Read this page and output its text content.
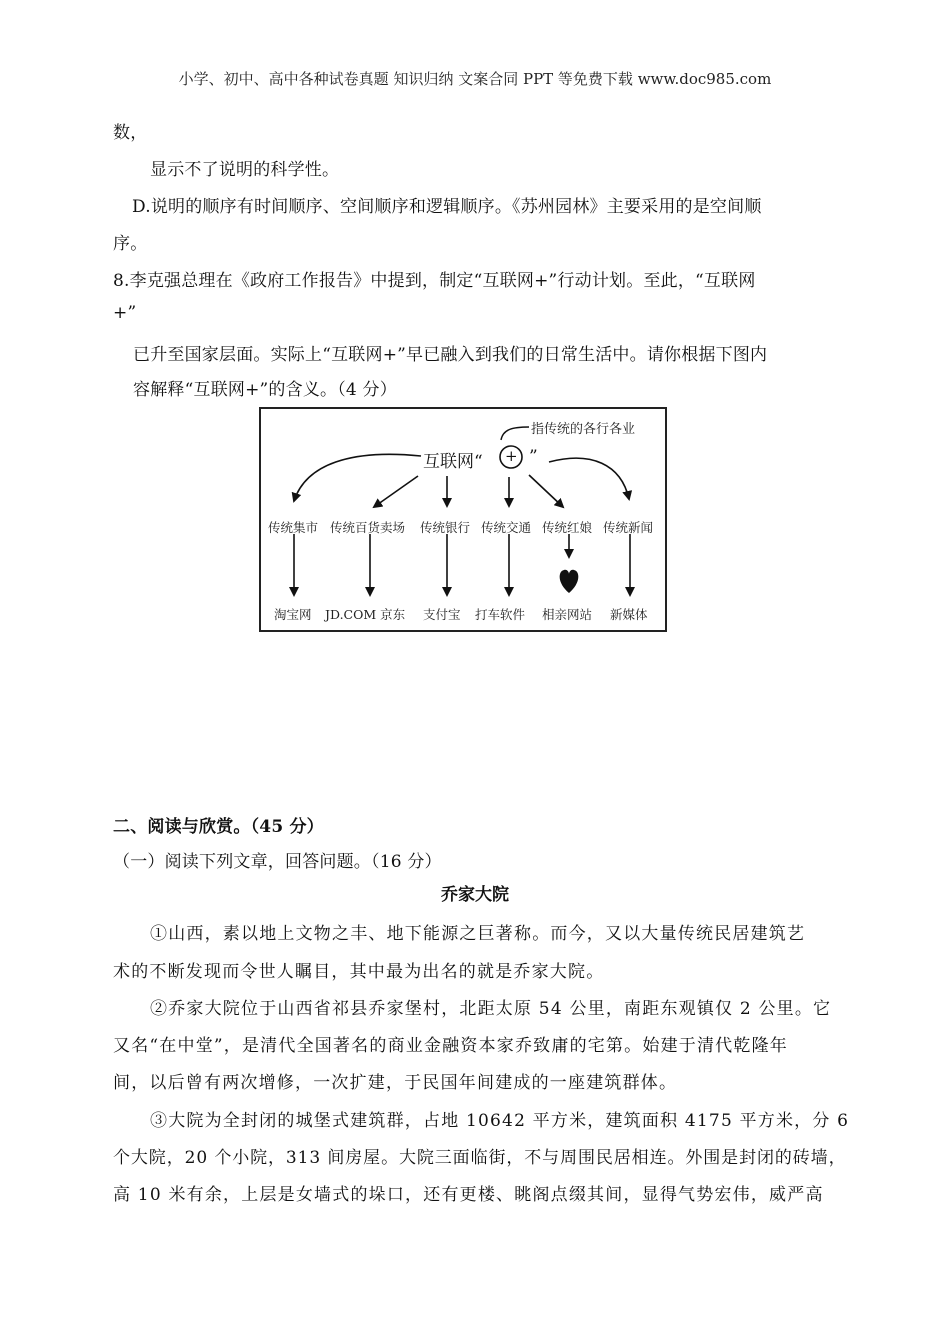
小学、初中、高中各种试卷真题 知识归纳 文案合同 PPT 等免费下载 www.doc985.com
数，
显示不了说明的科学性。
D.说明的顺序有时间顺序、空间顺序和逻辑顺序。《苏州园林》主要采用的是空间顺
序。
8.李克强总理在《政府工作报告》中提到，制定“互联网+”行动计划。至此，“互联网
+”
已升至国家层面。实际上“互联网+”早已融入到我们的日常生活中。请你根据下图内
容解释“互联网+”的含义。（4 分）
指传统的各行各业
互联网“ + ”
传统集市 传统百货卖场 传统银行 传统交通 传统红娘 传统新闻
淘宝网 JD.COM 京东 支付宝 打车软件 相亲网站 新媒体
二、阅读与欣赏。（45 分）
（一）阅读下列文章，回答问题。（16 分）
乔家大院
①山西，素以地上文物之丰、地下能源之巨著称。而今，又以大量传统民居建筑艺
术的不断发现而令世人瞩目，其中最为出名的就是乔家大院。
②乔家大院位于山西省祁县乔家堡村，北距太原 54 公里，南距东观镇仅 2 公里。它
又名“在中堂”，是清代全国著名的商业金融资本家乔致庸的宅第。始建于清代乾隆年
间，以后曾有两次增修，一次扩建，于民国年间建成的一座建筑群体。
③大院为全封闭的城堡式建筑群，占地 10642 平方米，建筑面积 4175 平方米，分 6
个大院，20 个小院，313 间房屋。大院三面临街，不与周围民居相连。外围是封闭的砖墙，
高 10 米有余，上层是女墙式的垛口，还有更楼、眺阁点缀其间，显得气势宏伟，威严高
